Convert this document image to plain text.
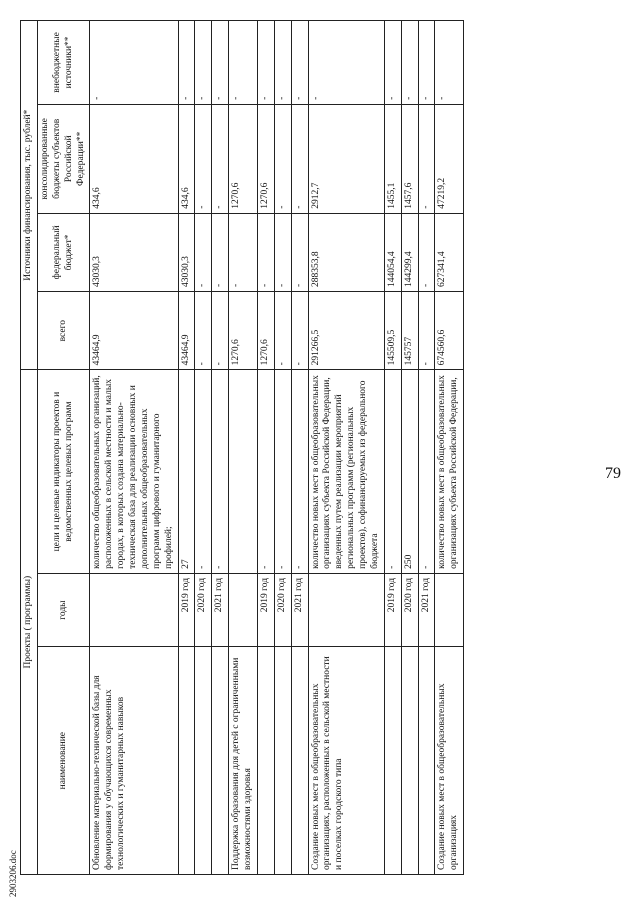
79
Проекты ( программы)			Источники финансирования, тыс. рублей*			
наименование	годы	цели и целевые индикаторы проектов и ведомственных целевых программ	всего	федеральный бюджет*	консолидированные бюджеты субъектов Российской Федерации**	внебюджетные источники**
Обновление материально-технической базы для формирования у обучающихся современных технологических и гуманитарных навыков		количество общеобразовательных организаций, расположенных в сельской местности и малых городах, в которых создана материально-техническая база для реализации основных и дополнительных общеобразовательных программ цифрового и гуманитарного профилей;	43464,9	43030,3	434,6	-
	2019 год	27	43464,9	43030,3	434,6	-
	2020 год	-	-	-	-	-
	2021 год	-	-	-	-	-
Поддержка образования для детей с ограниченными возможностями здоровья			1270,6	-	1270,6	-
	2019 год	-	1270,6	-	1270,6	-
	2020 год	-	-	-	-	-
	2021 год	-	-	-	-	-
Создание новых мест в общеобразовательных организациях, расположенных в сельской местности и поселках городского типа		количество новых мест в общеобразовательных организациях субъекта Российской Федерации, введенных путем реализации мероприятий региональных программ (региональных проектов), софинансируемых из федерального бюджета	291266,5	288353,8	2912,7	-
	2019 год	-	145509,5	144054,4	1455,1	-
	2020 год	250	145757	144299,4	1457,6	-
	2021 год	-	-	-	-	-
Создание новых мест в общеобразовательных организациях		количество новых мест в общеобразовательных организациях субъекта Российской Федерации,	674560,6	627341,4	47219,2	-
2903206.doc
